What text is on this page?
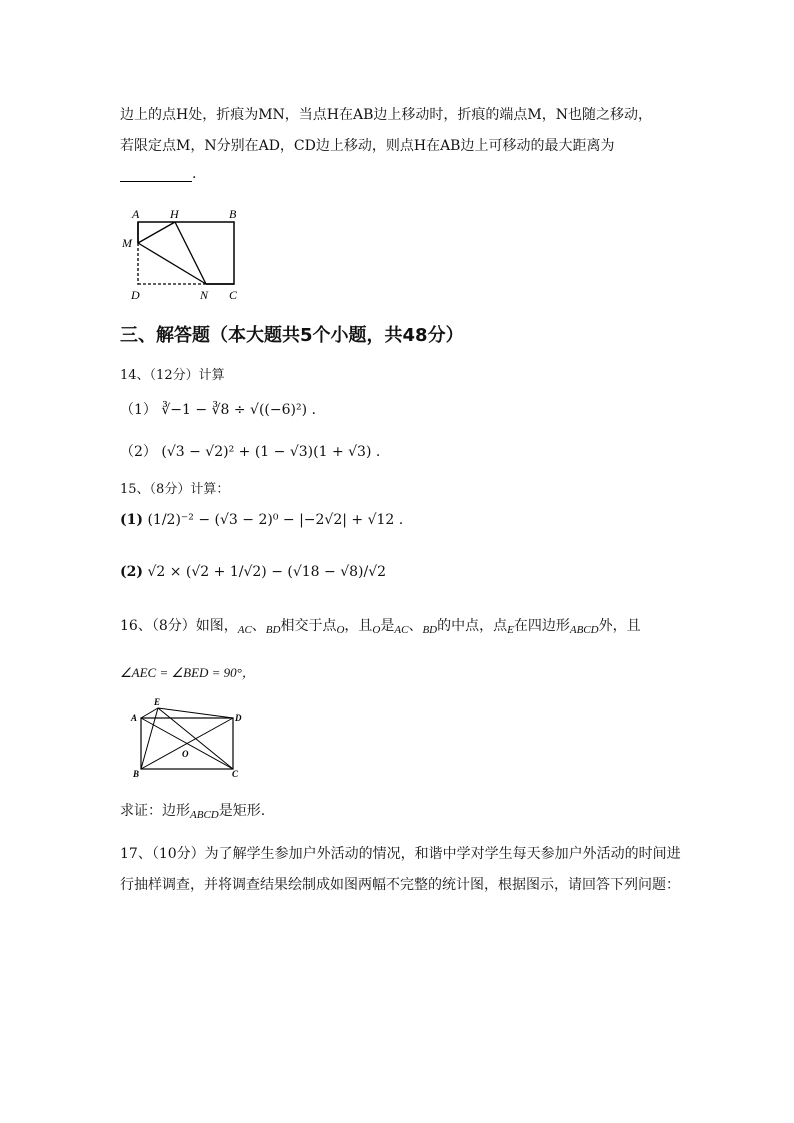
边上的点H处，折痕为MN，当点H在AB边上移动时，折痕的端点M，N也随之移动，
若限定点M，N分别在AD，CD边上移动，则点H在AB边上可移动的最大距离为
.
A	H	B
M
D	N C
三、解答题（本大题共5个小题，共48分）
14、（12分）计算
（1） ∛−1 − ∛8 ÷ √((−6)²) .
（2） (√3 − √2)² + (1 − √3)(1 + √3) .
15、（8分）计算：
(1) (1/2)⁻² − (√3 − 2)⁰ − |−2√2| + √12 .
(2) √2 × (√2 + 1/√2) − (√18 − √8)/√2
16、（8分）如图，$_{AC}$、$_{BD}$相交于点$_O$，且$_O$是$_{AC}$、$_{BD}$的中点，点$_E$在四边形$_{ABCD}$外，且
∠AEC = ∠BED = 90°，
A
E
D
O
B	C
求证：边形$_{ABCD}$是矩形.
17、（10分）为了解学生参加户外活动的情况，和谐中学对学生每天参加户外活动的时间进
行抽样调查，并将调查结果绘制成如图两幅不完整的统计图，根据图示，请回答下列问题：
